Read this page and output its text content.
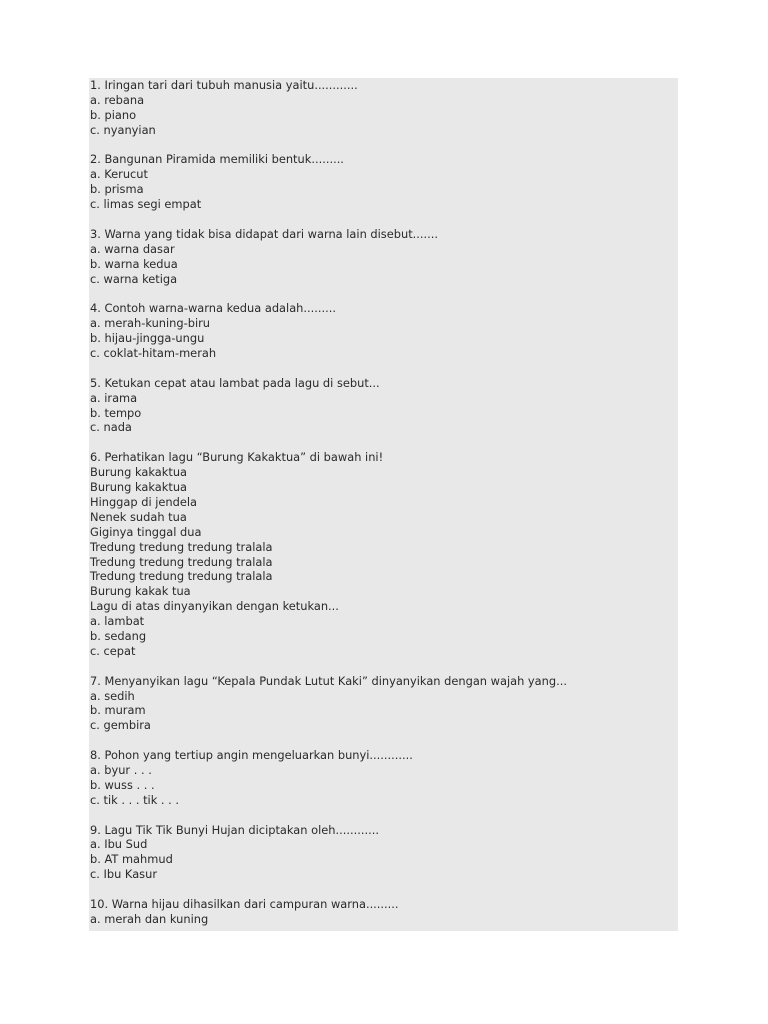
1. Iringan tari dari tubuh manusia yaitu............
a. rebana
b. piano
c. nyanyian
2. Bangunan Piramida memiliki bentuk.........
a. Kerucut
b. prisma
c. limas segi empat
3. Warna yang tidak bisa didapat dari warna lain disebut.......
a. warna dasar
b. warna kedua
c. warna ketiga
4. Contoh warna-warna kedua adalah.........
a. merah-kuning-biru
b. hijau-jingga-ungu
c. coklat-hitam-merah
5. Ketukan cepat atau lambat pada lagu di sebut...
a. irama
b. tempo
c. nada
6. Perhatikan lagu “Burung Kakaktua” di bawah ini!
Burung kakaktua
Burung kakaktua
Hinggap di jendela
Nenek sudah tua
Giginya tinggal dua
Tredung tredung tredung tralala
Tredung tredung tredung tralala
Tredung tredung tredung tralala
Burung kakak tua
Lagu di atas dinyanyikan dengan ketukan...
a. lambat
b. sedang
c. cepat
7. Menyanyikan lagu “Kepala Pundak Lutut Kaki” dinyanyikan dengan wajah yang...
a. sedih
b. muram
c. gembira
8. Pohon yang tertiup angin mengeluarkan bunyi............
a. byur . . .
b. wuss . . .
c. tik . . . tik . . .
9. Lagu Tik Tik Bunyi Hujan diciptakan oleh............
a. Ibu Sud
b. AT mahmud
c. Ibu Kasur
10. Warna hijau dihasilkan dari campuran warna.........
a. merah dan kuning
